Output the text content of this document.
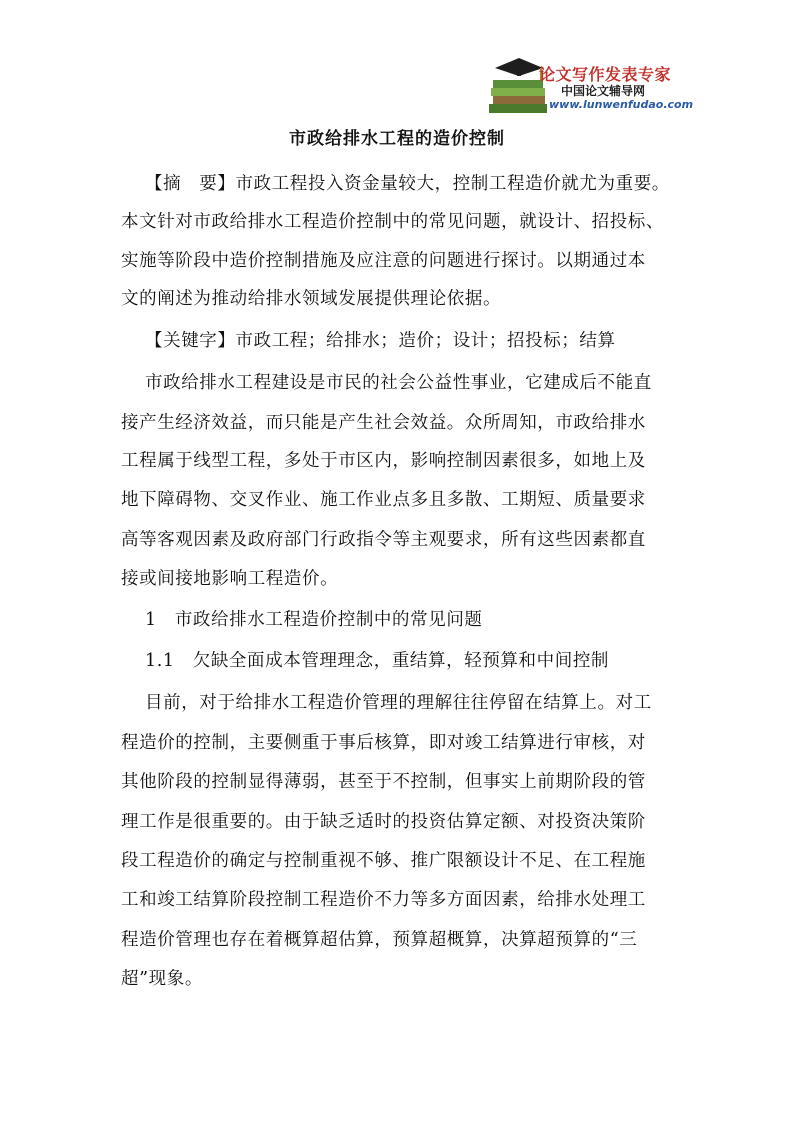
论文写作发表专家
中国论文辅导网
www.lunwenfudao.com
市政给排水工程的造价控制
【摘　要】市政工程投入资金量较大，控制工程造价就尤为重要。
本文针对市政给排水工程造价控制中的常见问题，就设计、招投标、
实施等阶段中造价控制措施及应注意的问题进行探讨。以期通过本
文的阐述为推动给排水领域发展提供理论依据。
【关键字】市政工程；给排水；造价；设计；招投标；结算
市政给排水工程建设是市民的社会公益性事业，它建成后不能直
接产生经济效益，而只能是产生社会效益。众所周知，市政给排水
工程属于线型工程，多处于市区内，影响控制因素很多，如地上及
地下障碍物、交叉作业、施工作业点多且多散、工期短、质量要求
高等客观因素及政府部门行政指令等主观要求，所有这些因素都直
接或间接地影响工程造价。
1　市政给排水工程造价控制中的常见问题
1.1　欠缺全面成本管理理念，重结算，轻预算和中间控制
目前，对于给排水工程造价管理的理解往往停留在结算上。对工
程造价的控制，主要侧重于事后核算，即对竣工结算进行审核，对
其他阶段的控制显得薄弱，甚至于不控制，但事实上前期阶段的管
理工作是很重要的。由于缺乏适时的投资估算定额、对投资决策阶
段工程造价的确定与控制重视不够、推广限额设计不足、在工程施
工和竣工结算阶段控制工程造价不力等多方面因素，给排水处理工
程造价管理也存在着概算超估算，预算超概算，决算超预算的“三
超”现象。
